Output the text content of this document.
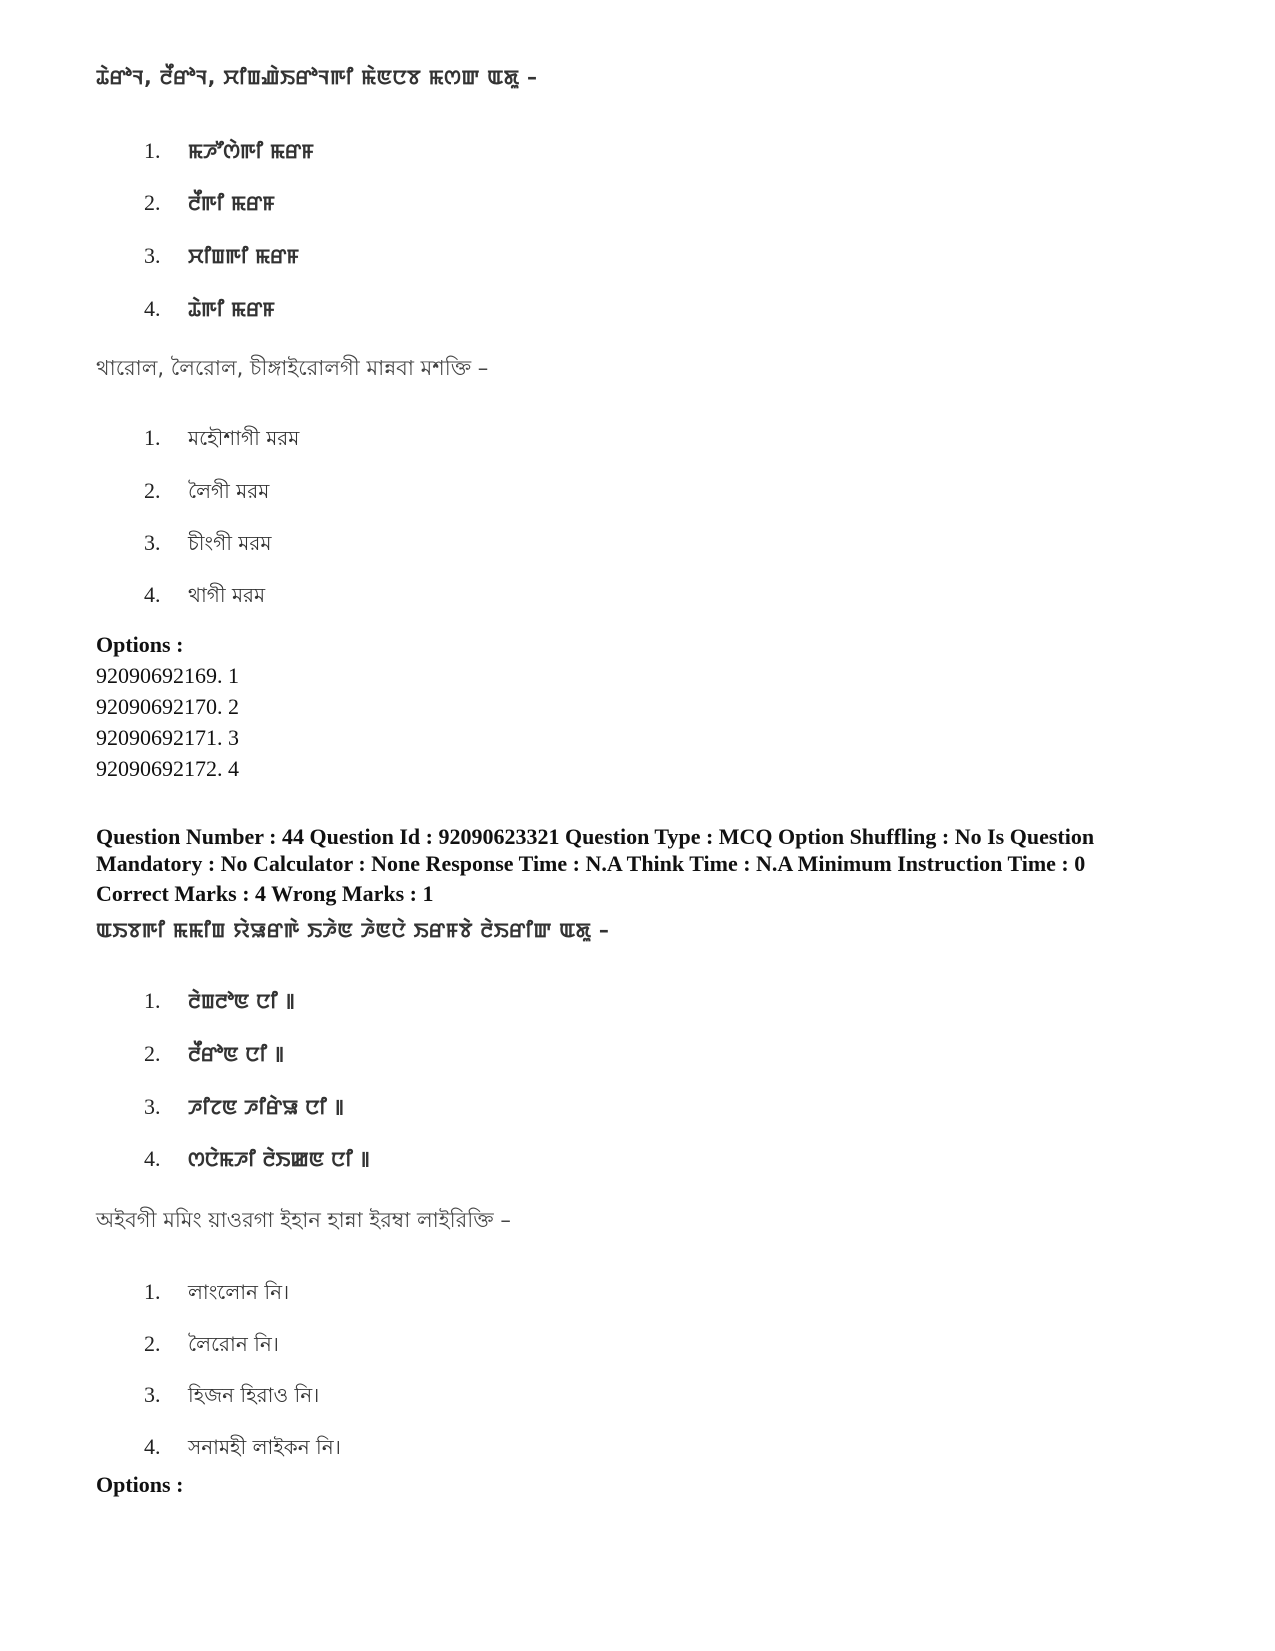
ꯊꯥꯔꯣꯜ, ꯂꯩꯔꯣꯜ, ꯆꯤꯡꯉꯥꯏꯔꯣꯜꯒꯤ ꯃꯥꯟꯅꯕ ꯃꯁꯛ ꯑꯗꯨ –
1.	ꯃꯍꯧꯁꯥꯒꯤ ꯃꯔꯝ
2.	ꯂꯩꯒꯤ ꯃꯔꯝ
3.	ꯆꯤꯡꯒꯤ ꯃꯔꯝ
4.	ꯊꯥꯒꯤ ꯃꯔꯝ
থারোল, লৈরোল, চীঙ্গাইরোলগী মান্নবা মশক্তি –
1.	মহৌশাগী মরম
2.	লৈগী মরম
3.	চীংগী মরম
4.	থাগী মরম
Options :
92090692169. 1
92090692170. 2
92090692171. 3
92090692172. 4
Question Number : 44 Question Id : 92090623321 Question Type : MCQ Option Shuffling : No Is Question Mandatory : No Calculator : None Response Time : N.A Think Time : N.A Minimum Instruction Time : 0
Correct Marks : 4 Wrong Marks : 1
ꯑꯏꯕꯒꯤ ꯃꯃꯤꯡ ꯌꯥꯎꯔꯒꯥ ꯏꯍꯥꯟ ꯍꯥꯟꯅꯥ ꯏꯔꯝꯕꯥ ꯂꯥꯏꯔꯤꯛ ꯑꯗꯨ –
1.	ꯂꯥꯡꯂꯣꯟ ꯅꯤ ꯫
2.	ꯂꯩꯔꯣꯟ ꯅꯤ ꯫
3.	ꯍꯤꯖꯟ ꯍꯤꯔꯥꯎ ꯅꯤ ꯫
4.	ꯁꯅꯥꯃꯍꯤ ꯂꯥꯏꯀꯟ ꯅꯤ ꯫
অইবগী মমিং য়াওরগা ইহান হান্না ইরম্বা লাইরিক্তি –
1.	লাংলোন নি।
2.	লৈরোন নি।
3.	হিজন হিরাও নি।
4.	সনামহী লাইকন নি।
Options :
